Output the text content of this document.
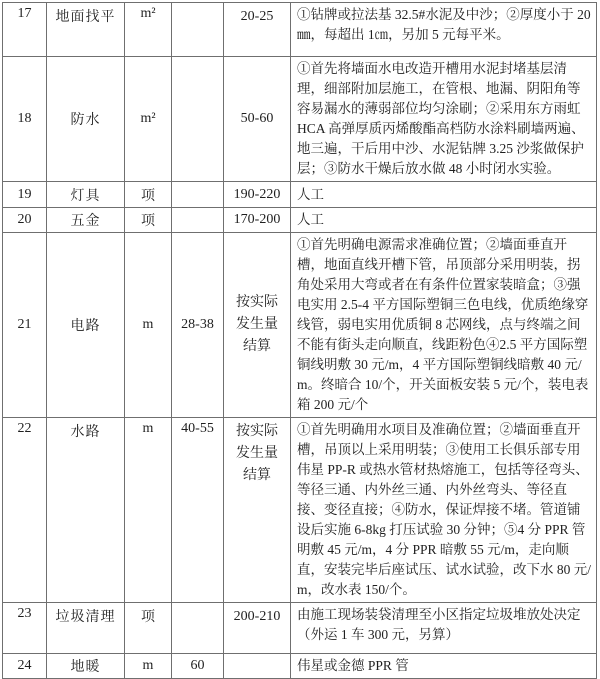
17	地面找平	m²		20-25	①钻牌或拉法基 32.5#水泥及中沙；②厚度小于 20㎜，每超出 1㎝，另加 5 元每平米。
18	防水	m²		50-60	①首先将墙面水电改造开槽用水泥封堵基层清理，细部附加层施工，在管根、地漏、阴阳角等容易漏水的薄弱部位均匀涂刷；②采用东方雨虹 HCA 高弹厚质丙烯酸酯高档防水涂料刷墙两遍、地三遍，干后用中沙、水泥钻牌 3.25 沙浆做保护层；③防水干燥后放水做 48 小时闭水实验。
19	灯具	项		190-220	人工
20	五金	项		170-200	人工
21	电路	m	28-38	按实际发生量结算	①首先明确电源需求准确位置；②墙面垂直开槽，地面直线开槽下管，吊顶部分采用明装，拐角处采用大弯或者在有条件位置家装暗盒；③强电实用 2.5-4 平方国际塑铜三色电线，优质绝缘穿线管，弱电实用优质铜 8 芯网线，点与终端之间不能有街头走向顺直，线距粉色④2.5 平方国际塑铜线明敷 30 元/m，4 平方国际塑铜线暗敷 40 元/m。终暗合 10/个，开关面板安装 5 元/个，装电表箱 200 元/个
22	水路	m	40-55	按实际发生量结算	①首先明确用水项目及准确位置；②墙面垂直开槽，吊顶以上采用明装；③使用工长俱乐部专用伟星 PP-R 或热水管材热熔施工，包括等径弯头、等径三通、内外丝三通、内外丝弯头、等径直接、变径直接；④防水，保证焊接不堵。管道铺设后实施 6-8kg 打压试验 30 分钟；⑤4 分 PPR 管明敷 45 元/m，4 分 PPR 暗敷 55 元/m，走向顺直，安装完毕后座试压、试水试验，改下水 80 元/m，改水表 150/个。
23	垃圾清理	项		200-210	由施工现场装袋清理至小区指定垃圾堆放处决定（外运 1 车 300 元，另算）
24	地暖	m	60		伟星或金德 PPR 管
